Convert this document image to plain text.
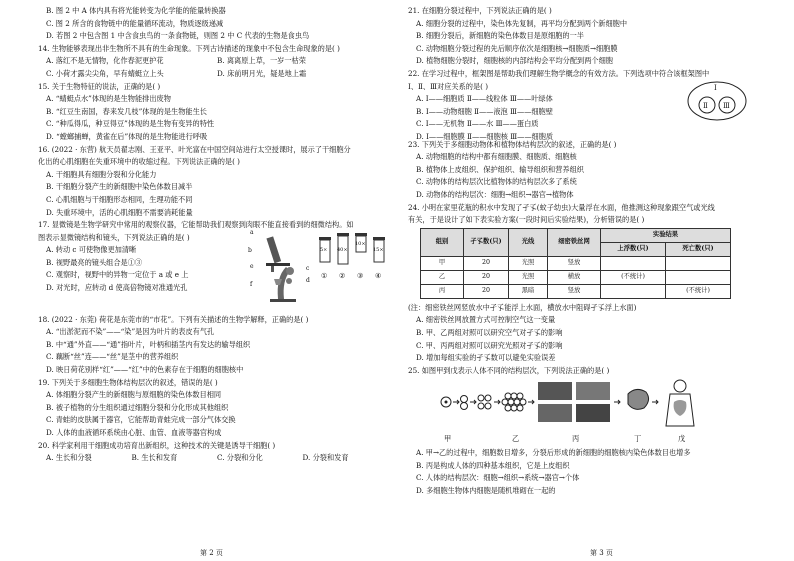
B. 图 2 中 A 体内具有将光能转变为化学能的能量转换器
C. 图 2 所含的食物链中的能量循环流动，物质逐级递减
D. 若图 2 中包含图 1 中含食虫鸟的一条食物链，则图 2 中 C 代表的生物是食虫鸟
14. 生物能够表现出非生物所不具有的生命现象。下列古诗描述的现象中不包含生命现象的是( )
A. 落红不是无情物，化作春泥更护花	B. 离离原上草，一岁一枯荣
C. 小荷才露尖尖角，早有蜻蜓立上头	D. 床前明月光，疑是地上霜
15. 关于生物特征的说法，正确的是( )
A. “蜻蜓点水”体现的是生物能排出废物
B. “红豆生南国，春来发几枝”体现的是生物能生长
C. “种瓜得瓜，种豆得豆”体现的是生物有变异的特性
D. “螳螂捕蝉，黄雀在后”体现的是生物能进行呼吸
16. (2022 · 东营) 航天员翟志刚、王亚平、叶光富在中国空间站进行太空授课时，展示了干细胞分
化出的心肌细胞在失重环境中的收缩过程。下列说法正确的是( )
A. 干细胞具有细胞分裂和分化能力
B. 干细胞分裂产生的新细胞中染色体数目减半
C. 心肌细胞与干细胞形态相同，生理功能不同
D. 失重环境中，活的心肌细胞不需要消耗能量
17. 显微镜是生物学研究中常用的观察仪器，它能帮助我们观察到肉眼不能直接看到的细微结构。如
图表示显微镜结构和镜头，下列说法正确的是( )
A. 转动 c 可使物像更加清晰
B. 视野最亮的镜头组合是①③
C. 观察时，视野中的异物一定位于 a 或 e 上
D. 对光时，应转动 d 使高倍物镜对准通光孔
a
b
c
d
e
f
5× 40×
10×
15×
① ② ③ ④
18. (2022 · 东莞) 荷花是东莞市的“市花”。下列有关描述的生物学解释，正确的是( )
A. “出淤泥而不染”——“染”是因为叶片的表皮有气孔
B. 中“通”外直——“通”指叶片，叶柄和插茎内有发达的输导组织
C. 藕断“丝”连——“丝”是茎中的营养组织
D. 映日荷花别样“红”——“红”中的色素存在于细胞的细胞核中
19. 下列关于多细胞生物体结构层次的叙述，错误的是( )
A. 体细胞分裂产生的新细胞与原细胞的染色体数目相同
B. 被子植物的分生组织通过细胞分裂和分化形成其他组织
C. 青蛙的皮肤属于器官，它能帮助青蛙完成一部分气体交换
D. 人体的血液循环系统由心脏、血管、血液等器官构成
20. 科学家利用干细胞成功培育出新组织，这种技术的关键是诱导干细胞( )
A. 生长和分裂	B. 生长和发育	C. 分裂和分化	D. 分裂和发育
第 2 页
21. 在细胞分裂过程中，下列说法正确的是( )
A. 细胞分裂的过程中，染色体先复制，再平均分配到两个新细胞中
B. 细胞分裂后，新细胞的染色体数目是原细胞的一半
C. 动物细胞分裂过程的先后顺序依次是细胞核→细胞质→细胞膜
D. 植物细胞分裂时，细胞核的内部结构会平均分配到两个细胞
22. 在学习过程中，框架图是帮助我们理解生物学概念的有效方法。下列选项中符合该框架图中
Ⅰ、Ⅱ、Ⅲ对应关系的是( )
A. Ⅰ——细胞质 Ⅱ——线粒体 Ⅲ——叶绿体
B. Ⅰ——动物细胞 Ⅱ——液泡 Ⅲ——细胞壁
C. Ⅰ——无机物 Ⅱ——水 Ⅲ——蛋白质
D. Ⅰ——细胞膜 Ⅱ——细胞核 Ⅲ——细胞质
Ⅰ
Ⅱ Ⅲ
23. 下列关于多细胞动物体和植物体结构层次的叙述，正确的是( )
A. 动物细胞的结构中都有细胞膜、细胞质、细胞核
B. 植物体上皮组织、保护组织、输导组织和营养组织
C. 动物体的结构层次比植物体的结构层次多了系统
D. 动物体的结构层次：细胞→组织→器官→植物体
24. 小明在家里花瓶的积水中发现了孑孓(蚊子幼虫)大量浮在水面，他推测这种现象跟空气或光线
有关，于是设计了如下表实验方案(一段时间后实验结果)，分析错误的是( )
组别	孑孓数(只)	光线	细密铁丝网	实验结果	
				上浮数(只)	死亡数(只)
甲	20	光照	竖放		
乙	20	光照	横放	(不统计)	
丙	20	黑暗	竖放		(不统计)
(注：细密铁丝网竖放水中孑孓能浮上水面，横放水中阻碍孑孓浮上水面)
A. 细密铁丝网放置方式可控制空气这一变量
B. 甲、乙两组对照可以研究空气对孑孓的影响
C. 甲、丙两组对照可以研究光照对孑孓的影响
D. 增加每组实验的孑孓数可以避免实验误差
25. 如图甲到戊表示人体不同的结构层次，下列说法正确的是( )
甲	乙	丙	丁	戊
A. 甲→乙的过程中，细胞数目增多，分裂后形成的新细胞的细胞核内染色体数目也增多
B. 丙是构成人体的四种基本组织，它是上皮组织
C. 人体的结构层次：细胞→组织→系统→器官→个体
D. 多细胞生物体内细胞是随机堆砌在一起的
第 3 页
